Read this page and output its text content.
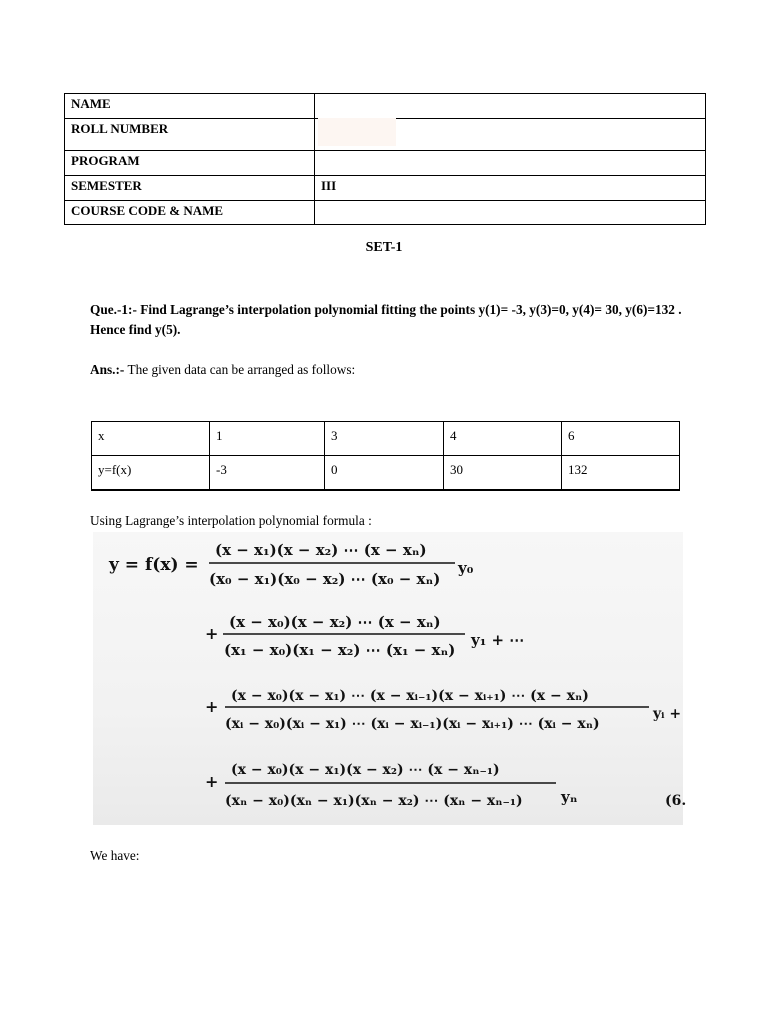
NAME	
ROLL NUMBER	
PROGRAM	
SEMESTER	III
COURSE CODE & NAME	
SET-1
Que.-1:- Find Lagrange’s interpolation polynomial fitting the points y(1)= -3, y(3)=0, y(4)= 30, y(6)=132 . Hence find y(5).
Ans.:- The given data can be arranged as follows:
x	1	3	4	6
y=f(x)	-3	0	30	132
Using Lagrange’s interpolation polynomial formula :
y = f(x) =
(x − x₁)(x − x₂) ⋯ (x − xₙ)
(x₀ − x₁)(x₀ − x₂) ⋯ (x₀ − xₙ)
y₀
+
(x − x₀)(x − x₂) ⋯ (x − xₙ)
(x₁ − x₀)(x₁ − x₂) ⋯ (x₁ − xₙ)
y₁ + ⋯
+
(x − x₀)(x − x₁) ⋯ (x − xᵢ₋₁)(x − xᵢ₊₁) ⋯ (x − xₙ)
(xᵢ − x₀)(xᵢ − x₁) ⋯ (xᵢ − xᵢ₋₁)(xᵢ − xᵢ₊₁) ⋯ (xᵢ − xₙ)
yᵢ +
+
(x − x₀)(x − x₁)(x − x₂) ⋯ (x − xₙ₋₁)
(xₙ − x₀)(xₙ − x₁)(xₙ − x₂) ⋯ (xₙ − xₙ₋₁)	yₙ	(6.
We have:
